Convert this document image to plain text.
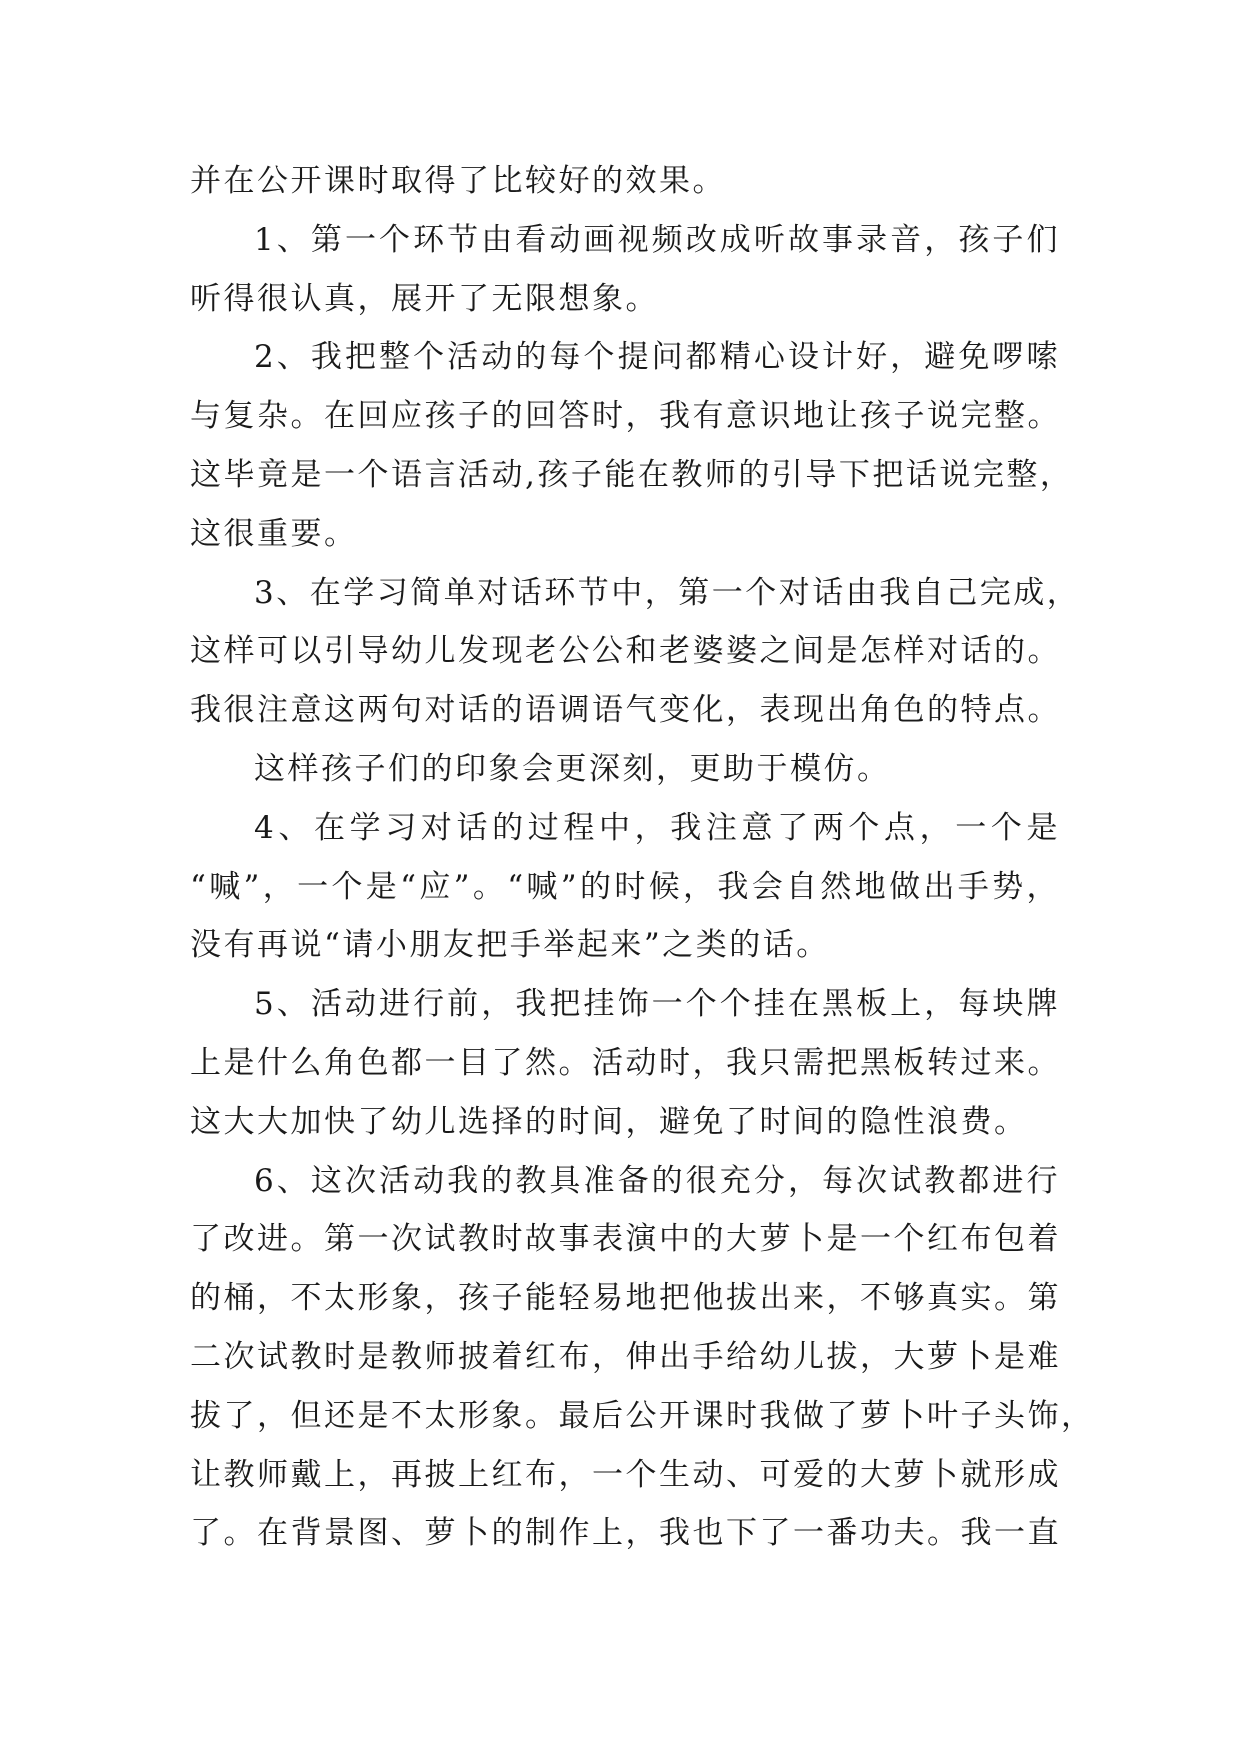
并在公开课时取得了比较好的效果。
1、第一个环节由看动画视频改成听故事录音，孩子们
听得很认真，展开了无限想象。
2、我把整个活动的每个提问都精心设计好，避免啰嗦
与复杂。在回应孩子的回答时，我有意识地让孩子说完整。
这毕竟是一个语言活动,孩子能在教师的引导下把话说完整，
这很重要。
3、在学习简单对话环节中，第一个对话由我自己完成，
这样可以引导幼儿发现老公公和老婆婆之间是怎样对话的。
我很注意这两句对话的语调语气变化，表现出角色的特点。
这样孩子们的印象会更深刻，更助于模仿。
4、在学习对话的过程中，我注意了两个点，一个是
“喊”，一个是“应”。“喊”的时候，我会自然地做出手势，
没有再说“请小朋友把手举起来”之类的话。
5、活动进行前，我把挂饰一个个挂在黑板上，每块牌
上是什么角色都一目了然。活动时，我只需把黑板转过来。
这大大加快了幼儿选择的时间，避免了时间的隐性浪费。
6、这次活动我的教具准备的很充分，每次试教都进行
了改进。第一次试教时故事表演中的大萝卜是一个红布包着
的桶，不太形象，孩子能轻易地把他拔出来，不够真实。第
二次试教时是教师披着红布，伸出手给幼儿拔，大萝卜是难
拔了，但还是不太形象。最后公开课时我做了萝卜叶子头饰，
让教师戴上，再披上红布，一个生动、可爱的大萝卜就形成
了。在背景图、萝卜的制作上，我也下了一番功夫。我一直
